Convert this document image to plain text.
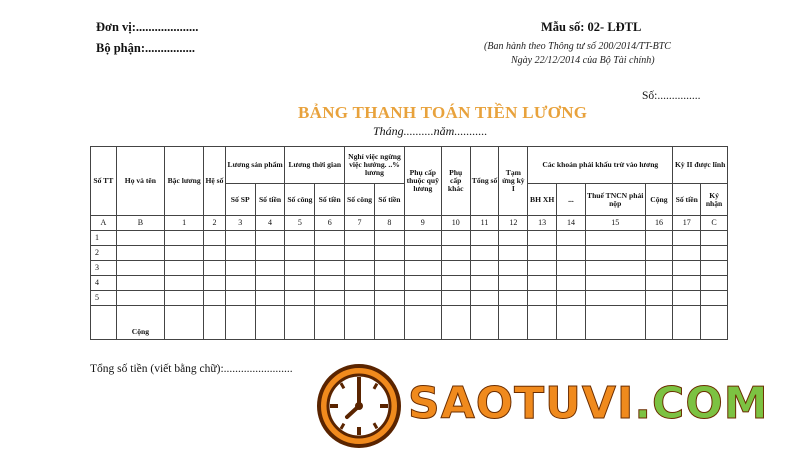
Đơn vị:....................
Bộ phận:................
Mẫu số: 02- LĐTL
(Ban hành theo Thông tư số 200/2014/TT-BTC
Ngày 22/12/2014 của Bộ Tài chính)
Số:...............
BẢNG THANH TOÁN TIỀN LƯƠNG
Tháng..........năm...........
Số TT	Họ và tên	Bậc lương	Hệ số	Lương sản phẩm		Lương thời gian		Nghỉ việc ngừng việc hưởng. ..% lương		Phụ cấp thuộc quỹ lương	Phụ cấp khác	Tổng số	Tạm ứng kỳ I	Các khoản phải khấu trừ vào lương				Kỳ II được lĩnh	
				Số SP	Số tiền	Số công	Số tiền	Số công	Số tiền					BH XH	...	Thuế TNCN phải nộp	Cộng	Số tiền	Ký nhận
A	B	1	2	3	4	5	6	7	8	9	10	11	12	13	14	15	16	17	C
1																			
2																			
3																			
4																			
5																			
	Cộng																		
Tổng số tiền (viết bằng chữ):........................
SAOTUVI.COM
